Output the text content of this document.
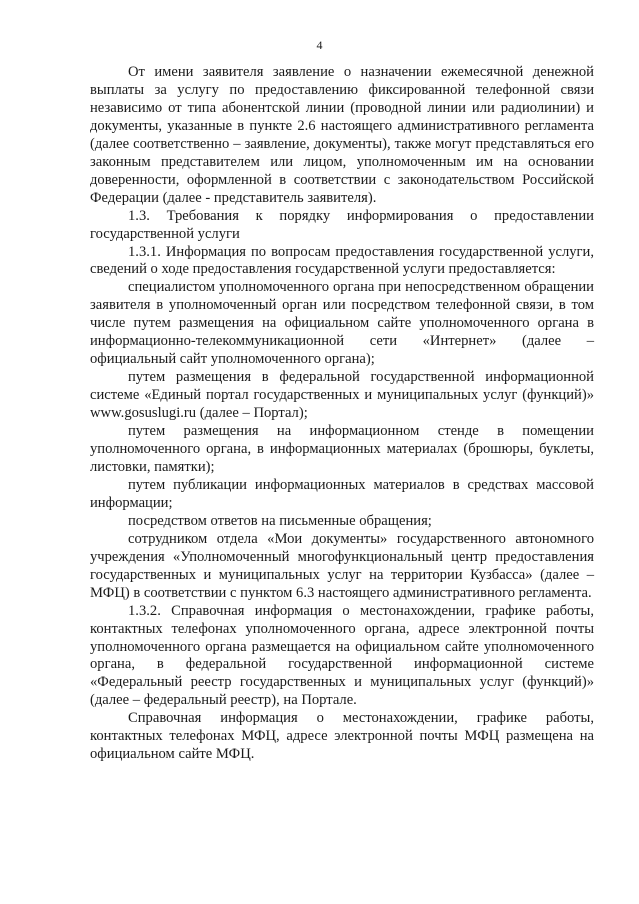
4

От имени заявителя заявление о назначении ежемесячной денежной выплаты за услугу по предоставлению фиксированной телефонной связи независимо от типа абонентской линии (проводной линии или радиолинии) и документы, указанные в пункте 2.6 настоящего административного регламента (далее соответственно – заявление, документы), также могут представляться его законным представителем или лицом, уполномоченным им на основании доверенности, оформленной в соответствии с законодательством Российской Федерации (далее - представитель заявителя).

1.3. Требования к порядку информирования о предоставлении государственной услуги

1.3.1. Информация по вопросам предоставления государственной услуги, сведений о ходе предоставления государственной услуги предоставляется:

специалистом уполномоченного органа при непосредственном обращении заявителя в уполномоченный орган или посредством телефонной связи, в том числе путем размещения на официальном сайте уполномоченного органа в информационно-телекоммуникационной сети «Интернет» (далее – официальный сайт уполномоченного органа);

путем размещения в федеральной государственной информационной системе «Единый портал государственных и муниципальных услуг (функций)» www.gosuslugi.ru (далее – Портал);

путем размещения на информационном стенде в помещении уполномоченного органа, в информационных материалах (брошюры, буклеты, листовки, памятки);

путем публикации информационных материалов в средствах массовой информации;

посредством ответов на письменные обращения;

сотрудником отдела «Мои документы» государственного автономного учреждения «Уполномоченный многофункциональный центр предоставления государственных и муниципальных услуг на территории Кузбасса» (далее – МФЦ) в соответствии с пунктом 6.3 настоящего административного регламента.

1.3.2. Справочная информация о местонахождении, графике работы, контактных телефонах уполномоченного органа, адресе электронной почты уполномоченного органа размещается на официальном сайте уполномоченного органа, в федеральной государственной информационной системе «Федеральный реестр государственных и муниципальных услуг (функций)» (далее – федеральный реестр), на Портале.

Справочная информация о местонахождении, графике работы, контактных телефонах МФЦ, адресе электронной почты МФЦ размещена на официальном сайте МФЦ.
